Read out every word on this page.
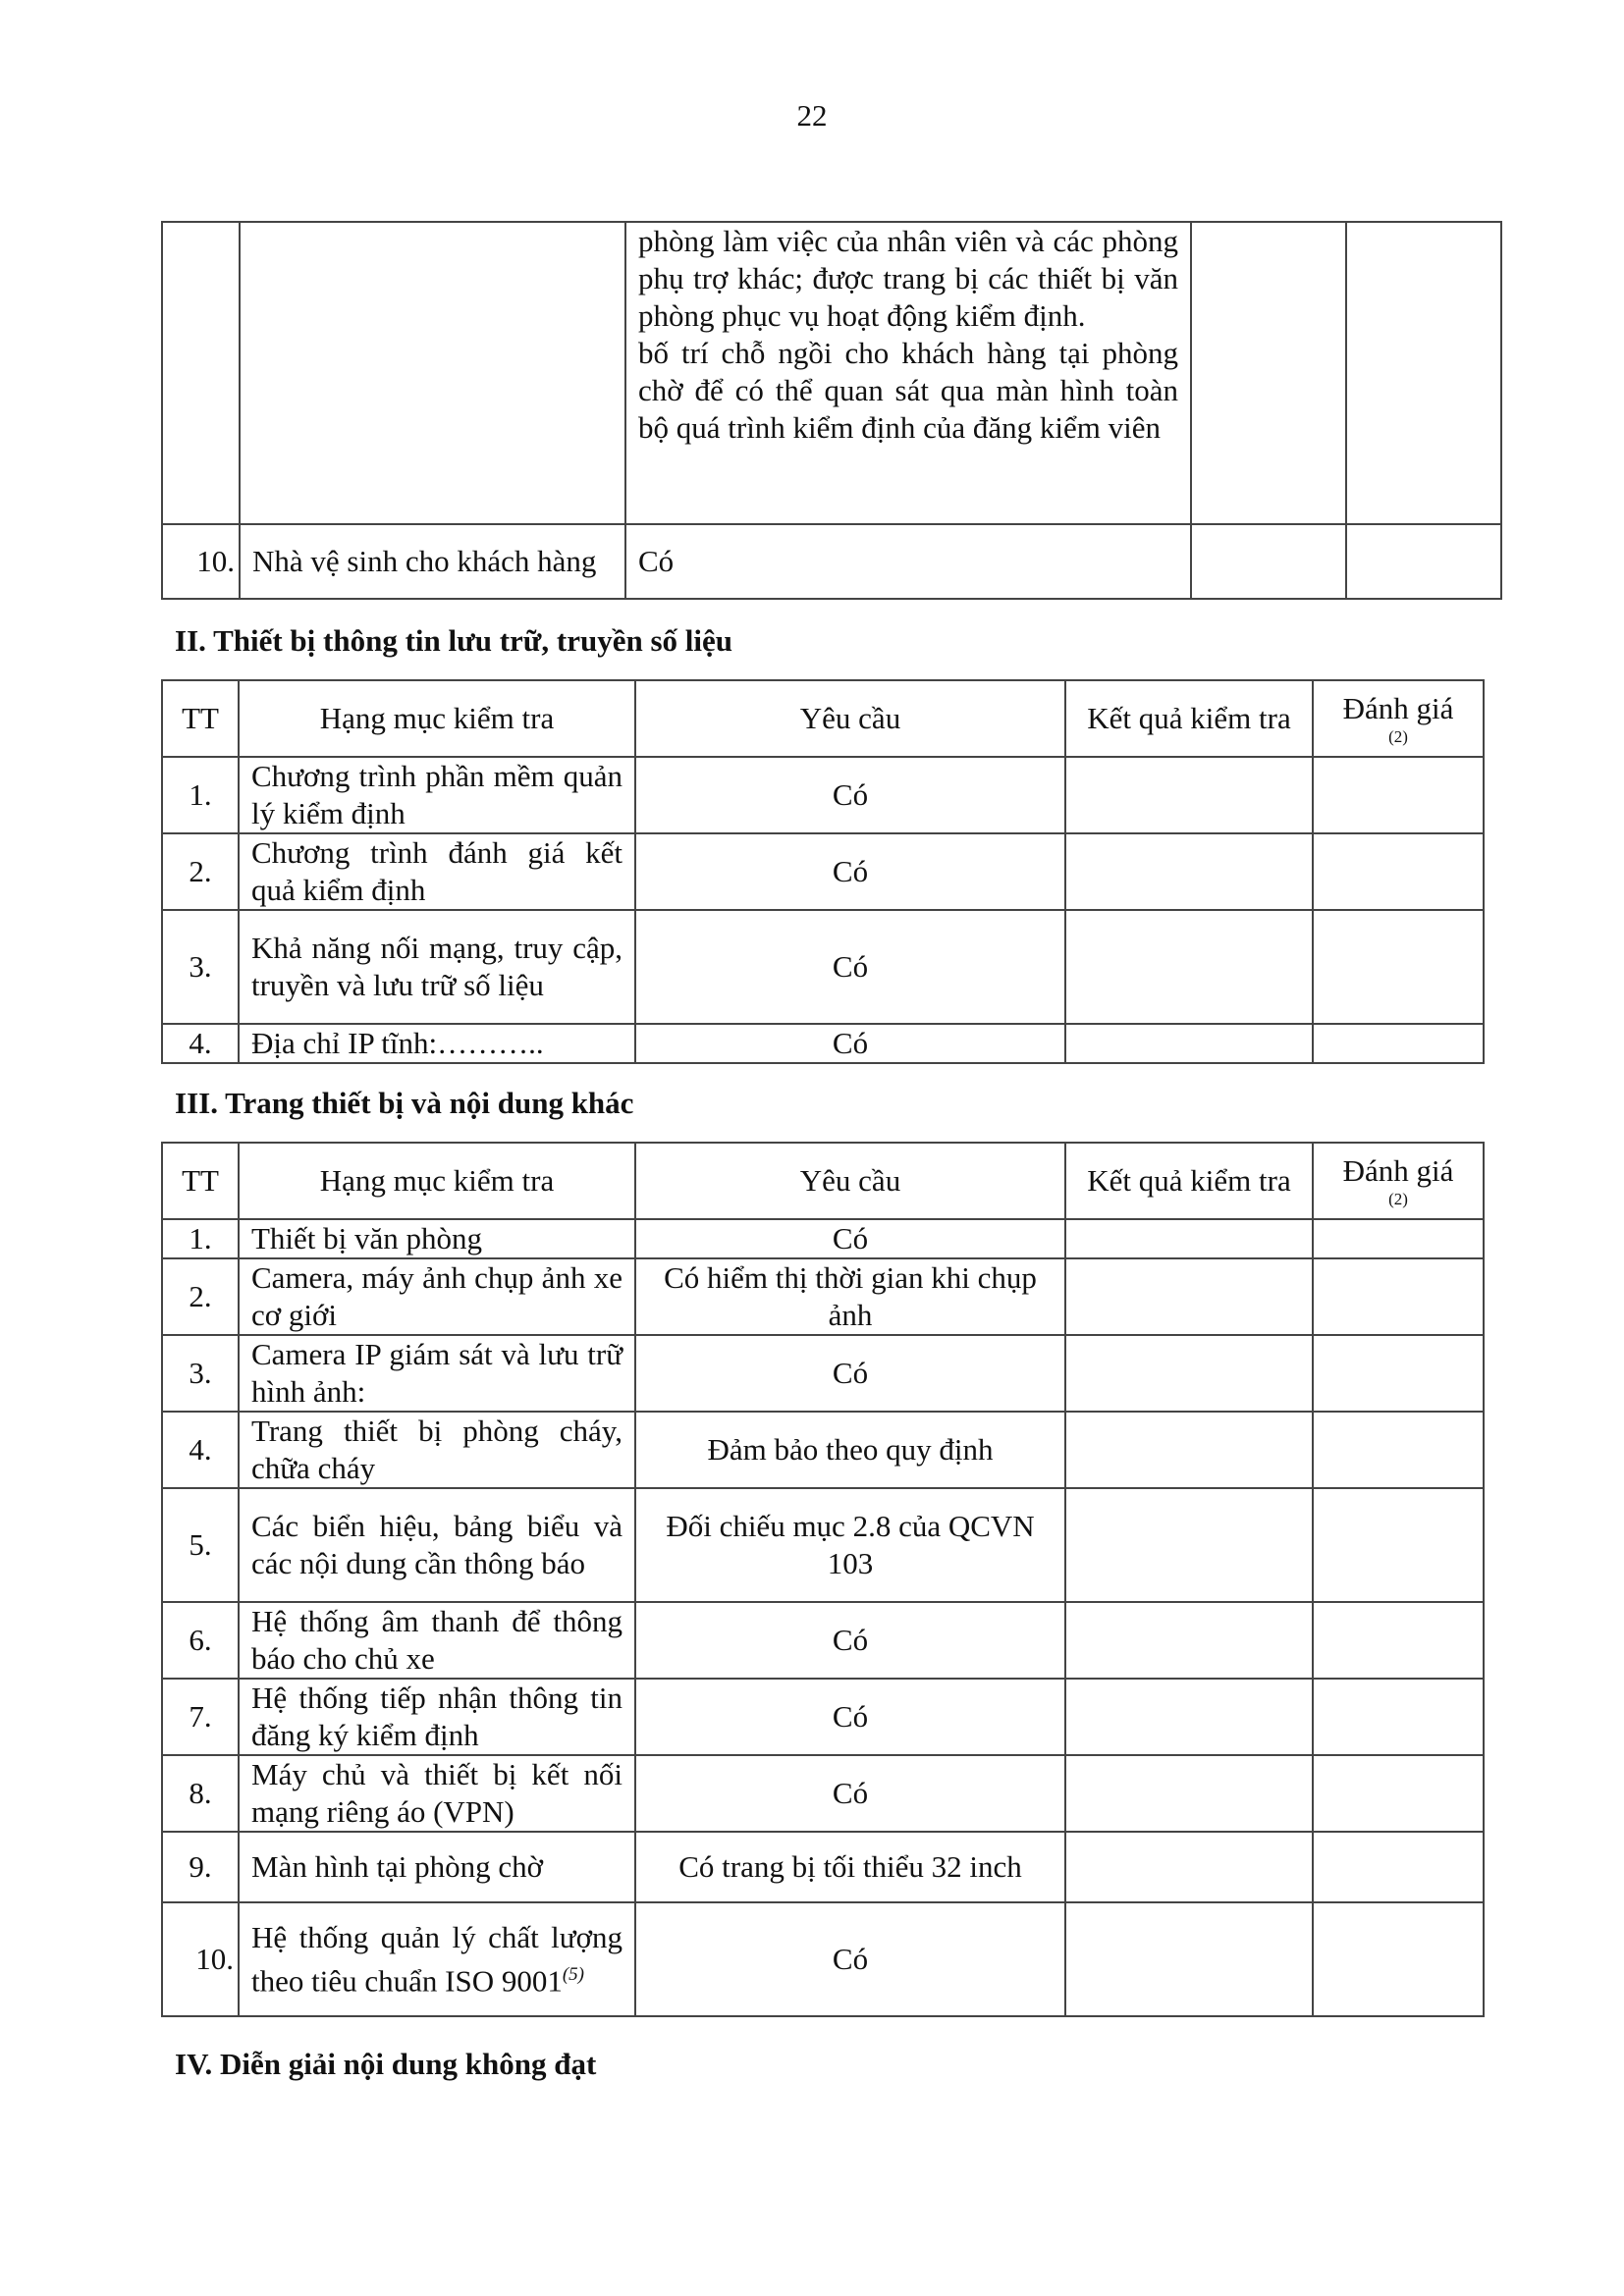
22
		phòng làm việc của nhân viên và các phòng phụ trợ khác; được trang bị các thiết bị văn phòng phục vụ hoạt động kiểm định.
bố trí chỗ ngồi cho khách hàng tại phòng chờ để có thể quan sát qua màn hình toàn bộ quá trình kiểm định của đăng kiểm viên		
10.	Nhà vệ sinh cho khách hàng	Có		
II. Thiết bị thông tin lưu trữ, truyền số liệu
TT	Hạng mục kiểm tra	Yêu cầu	Kết quả kiểm tra	Đánh giá
(2)

1.	Chương trình phần mềm quản lý kiểm định	Có		
2.	Chương trình đánh giá kết quả kiểm định	Có		
3.	Khả năng nối mạng, truy cập, truyền và lưu trữ số liệu	Có		
4.	Địa chỉ IP tĩnh:………..	Có		
III. Trang thiết bị và nội dung khác
TT	Hạng mục kiểm tra	Yêu cầu	Kết quả kiểm tra	Đánh giá
(2)

1.	Thiết bị văn phòng	Có		
2.	Camera, máy ảnh chụp ảnh xe cơ giới	Có hiểm thị thời gian khi chụp ảnh		
3.	Camera IP giám sát và lưu trữ hình ảnh:	Có		
4.	Trang thiết bị phòng cháy, chữa cháy	Đảm bảo theo quy định		
5.	Các biển hiệu, bảng biểu và các nội dung cần thông báo	Đối chiếu mục 2.8 của QCVN 103		
6.	Hệ thống âm thanh để thông báo cho chủ xe	Có		
7.	Hệ thống tiếp nhận thông tin đăng ký kiểm định	Có		
8.	Máy chủ và thiết bị kết nối mạng riêng áo (VPN)	Có		
9.	Màn hình tại phòng chờ	Có trang bị tối thiểu 32 inch		
10.	Hệ thống quản lý chất lượng theo tiêu chuẩn ISO 9001$^{(5)}$	Có		
IV. Diễn giải nội dung không đạt
